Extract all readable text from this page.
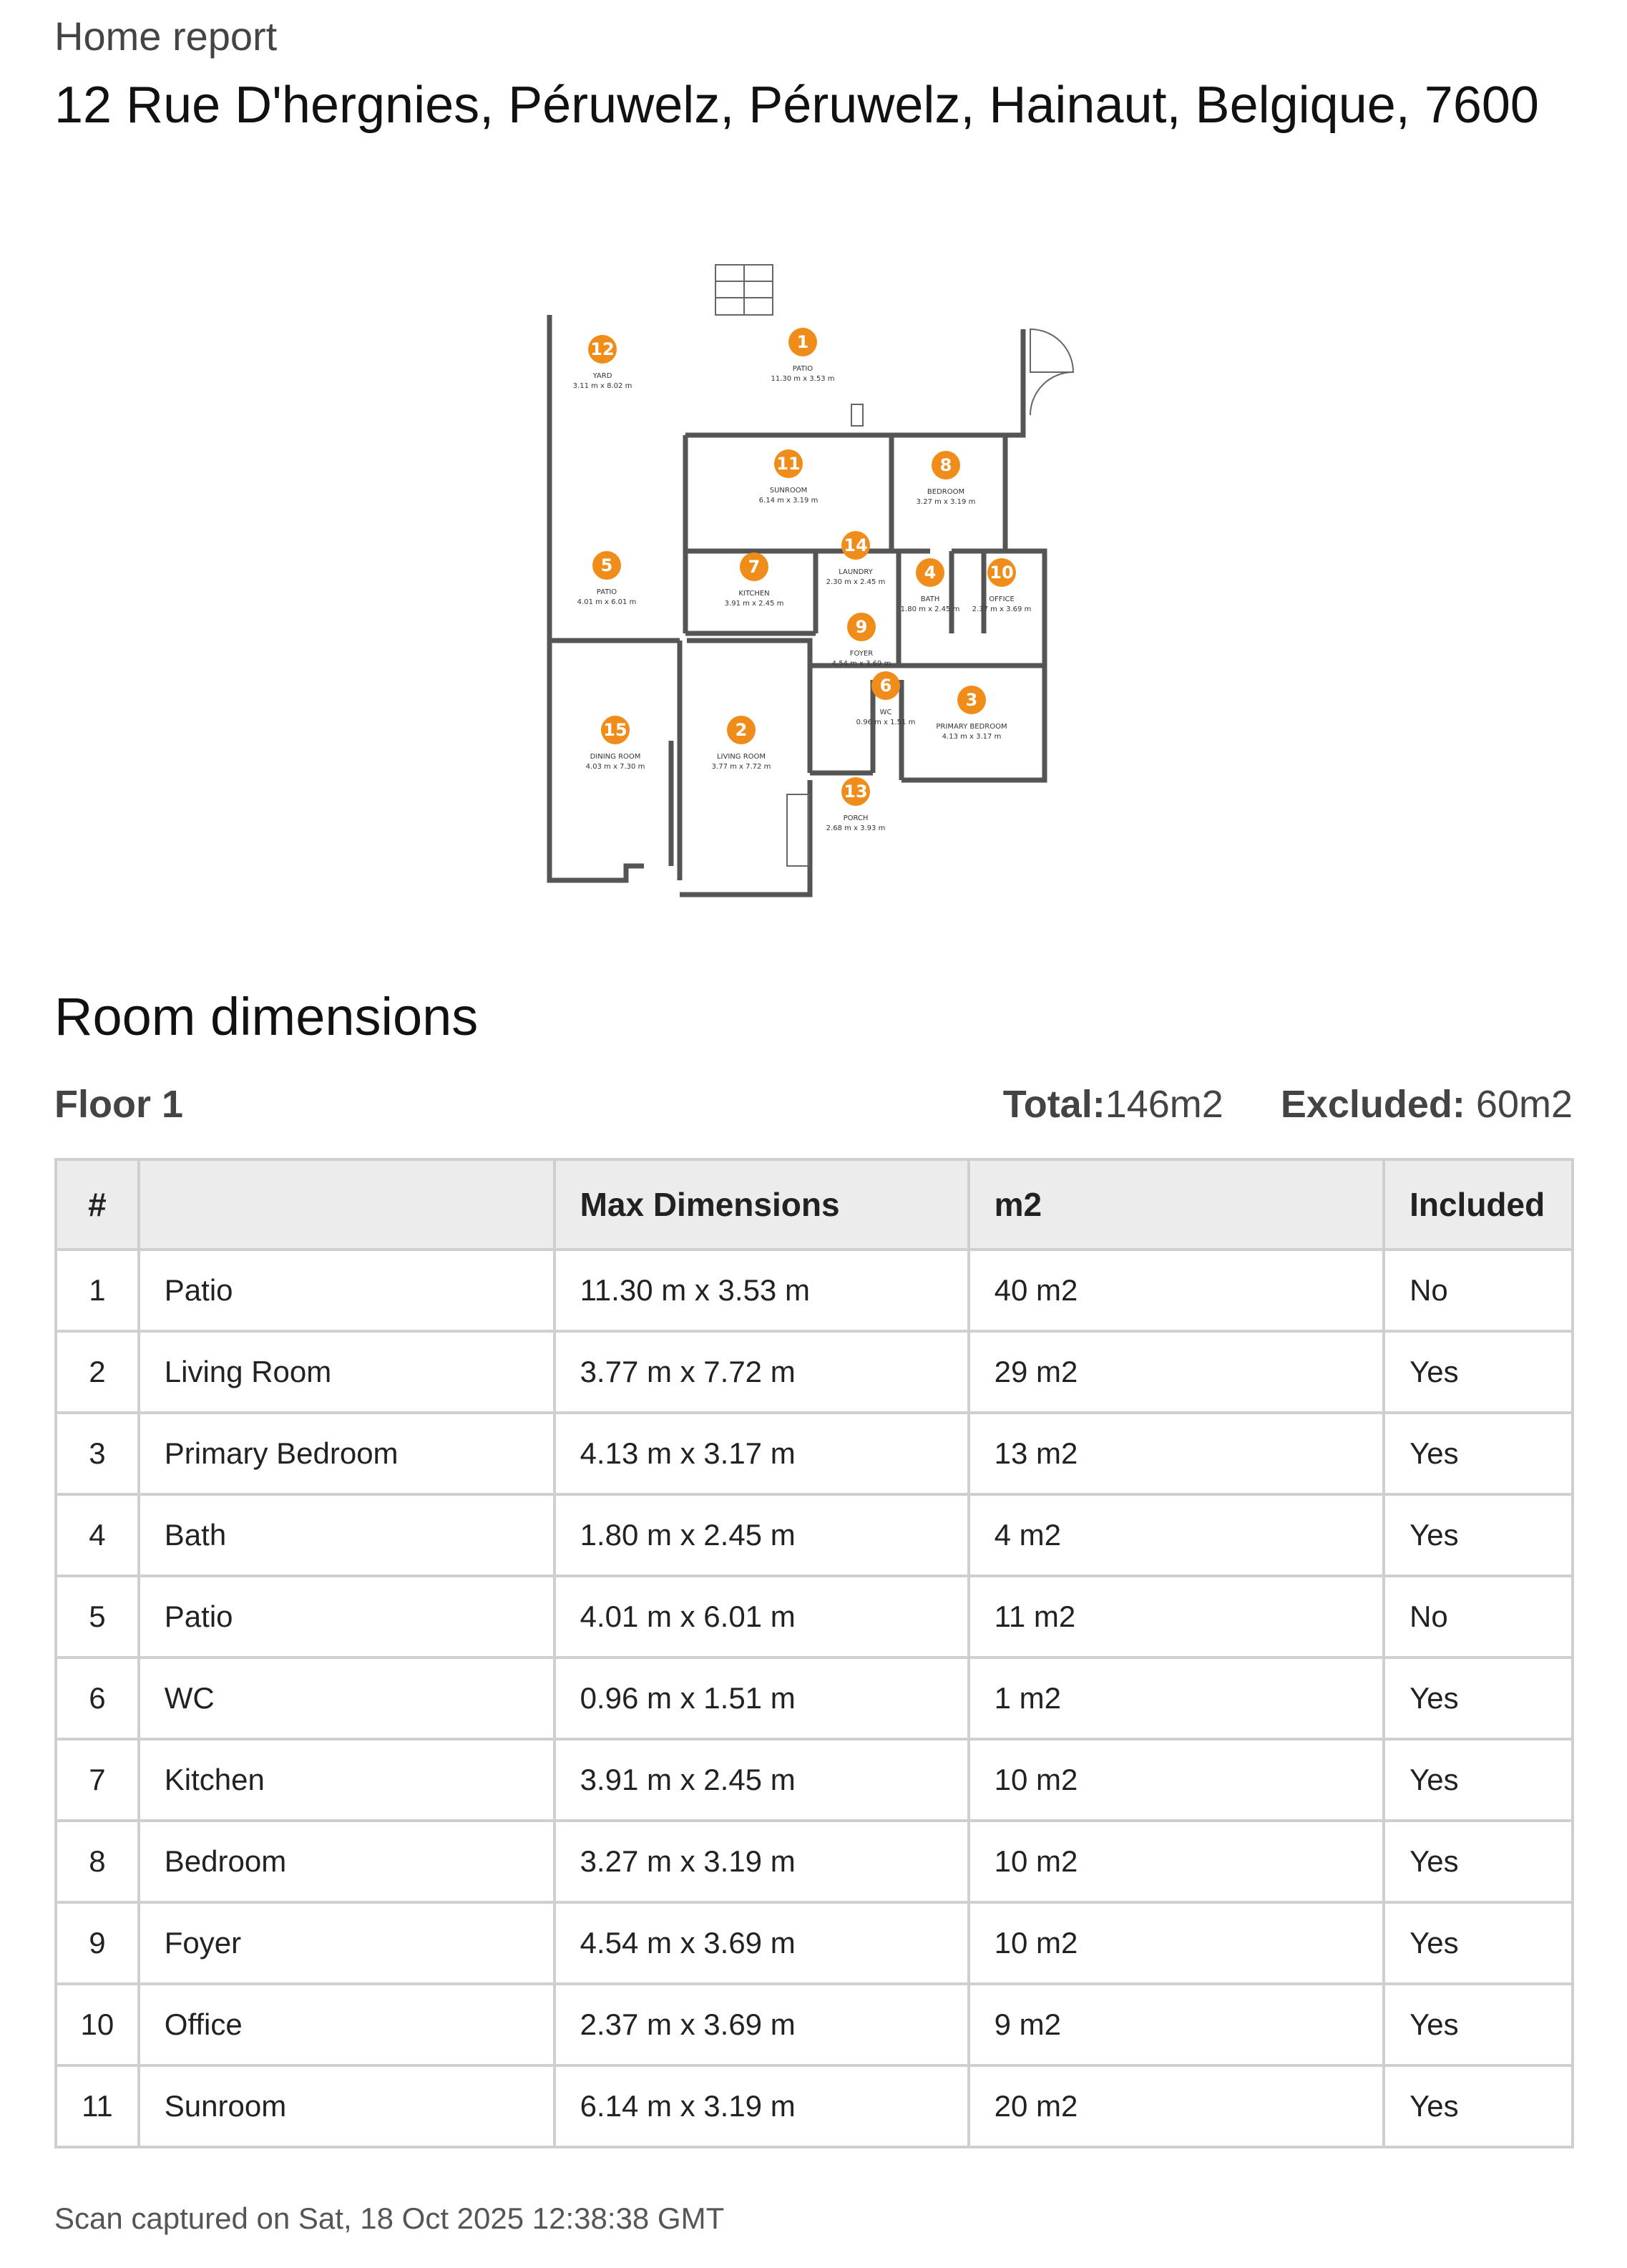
Home report
12 Rue D'hergnies, Péruwelz, Péruwelz, Hainaut, Belgique, 7600
1
PATIO
11.30 m x 3.53 m
2
LIVING ROOM
3.77 m x 7.72 m
3
PRIMARY BEDROOM
4.13 m x 3.17 m
4
BATH
1.80 m x 2.45 m
5
PATIO
4.01 m x 6.01 m
6
WC
0.96 m x 1.51 m
7
KITCHEN
3.91 m x 2.45 m
8
BEDROOM
3.27 m x 3.19 m
9
FOYER
4.54 m x 3.69 m
10
OFFICE
2.37 m x 3.69 m
11
SUNROOM
6.14 m x 3.19 m
12
YARD
3.11 m x 8.02 m
13
PORCH
2.68 m x 3.93 m
14
LAUNDRY
2.30 m x 2.45 m
15
DINING ROOM
4.03 m x 7.30 m
Room dimensions
Floor 1	Total:146m2 Excluded: 60m2
#		Max Dimensions	m2	Included
1	Patio	11.30 m x 3.53 m	40 m2	No
2	Living Room	3.77 m x 7.72 m	29 m2	Yes
3	Primary Bedroom	4.13 m x 3.17 m	13 m2	Yes
4	Bath	1.80 m x 2.45 m	4 m2	Yes
5	Patio	4.01 m x 6.01 m	11 m2	No
6	WC	0.96 m x 1.51 m	1 m2	Yes
7	Kitchen	3.91 m x 2.45 m	10 m2	Yes
8	Bedroom	3.27 m x 3.19 m	10 m2	Yes
9	Foyer	4.54 m x 3.69 m	10 m2	Yes
10	Office	2.37 m x 3.69 m	9 m2	Yes
11	Sunroom	6.14 m x 3.19 m	20 m2	Yes
Scan captured on Sat, 18 Oct 2025 12:38:38 GMT
